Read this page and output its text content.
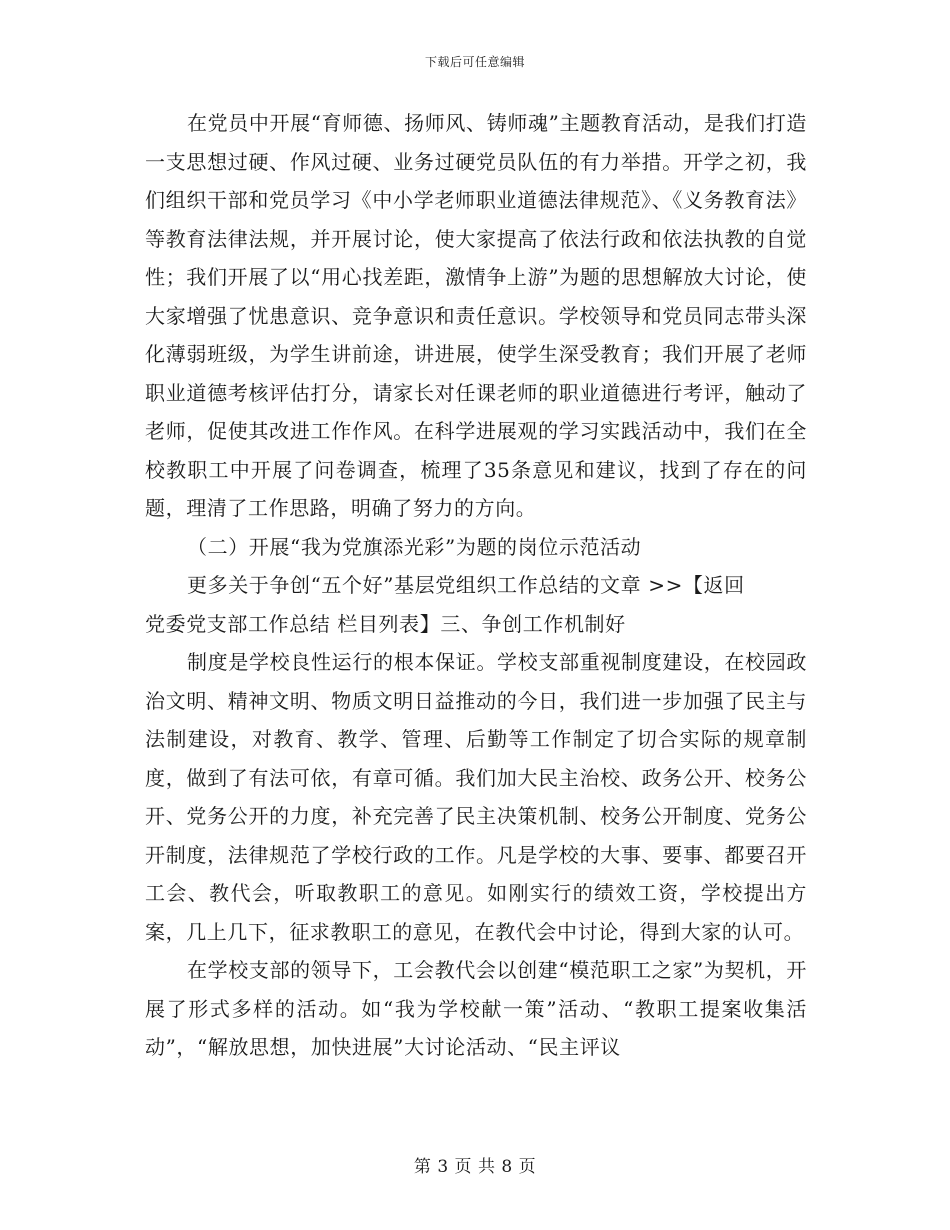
下载后可任意编辑

在党员中开展“育师德、扬师风、铸师魂”主题教育活动，是我们打造一支思想过硬、作风过硬、业务过硬党员队伍的有力举措。开学之初，我们组织干部和党员学习《中小学老师职业道德法律规范》、《义务教育法》等教育法律法规，并开展讨论，使大家提高了依法行政和依法执教的自觉性；我们开展了以“用心找差距，激情争上游”为题的思想解放大讨论，使大家增强了忧患意识、竞争意识和责任意识。学校领导和党员同志带头深化薄弱班级，为学生讲前途，讲进展，使学生深受教育；我们开展了老师职业道德考核评估打分，请家长对任课老师的职业道德进行考评，触动了老师，促使其改进工作作风。在科学进展观的学习实践活动中，我们在全校教职工中开展了问卷调查，梳理了35条意见和建议，找到了存在的问题，理清了工作思路，明确了努力的方向。

（二）开展“我为党旗添光彩”为题的岗位示范活动
更多关于争创“五个好”基层党组织工作总结的文章 >>【返回
党委党支部工作总结 栏目列表】三、争创工作机制好

制度是学校良性运行的根本保证。学校支部重视制度建设，在校园政治文明、精神文明、物质文明日益推动的今日，我们进一步加强了民主与法制建设，对教育、教学、管理、后勤等工作制定了切合实际的规章制度，做到了有法可依，有章可循。我们加大民主治校、政务公开、校务公开、党务公开的力度，补充完善了民主决策机制、校务公开制度、党务公开制度，法律规范了学校行政的工作。凡是学校的大事、要事、都要召开工会、教代会，听取教职工的意见。如刚实行的绩效工资，学校提出方案，几上几下，征求教职工的意见，在教代会中讨论，得到大家的认可。

在学校支部的领导下，工会教代会以创建“模范职工之家”为契机，开展了形式多样的活动。如“我为学校献一策”活动、“教职工提案收集活动”，“解放思想，加快进展”大讨论活动、“民主评议

第 3 页 共 8 页
